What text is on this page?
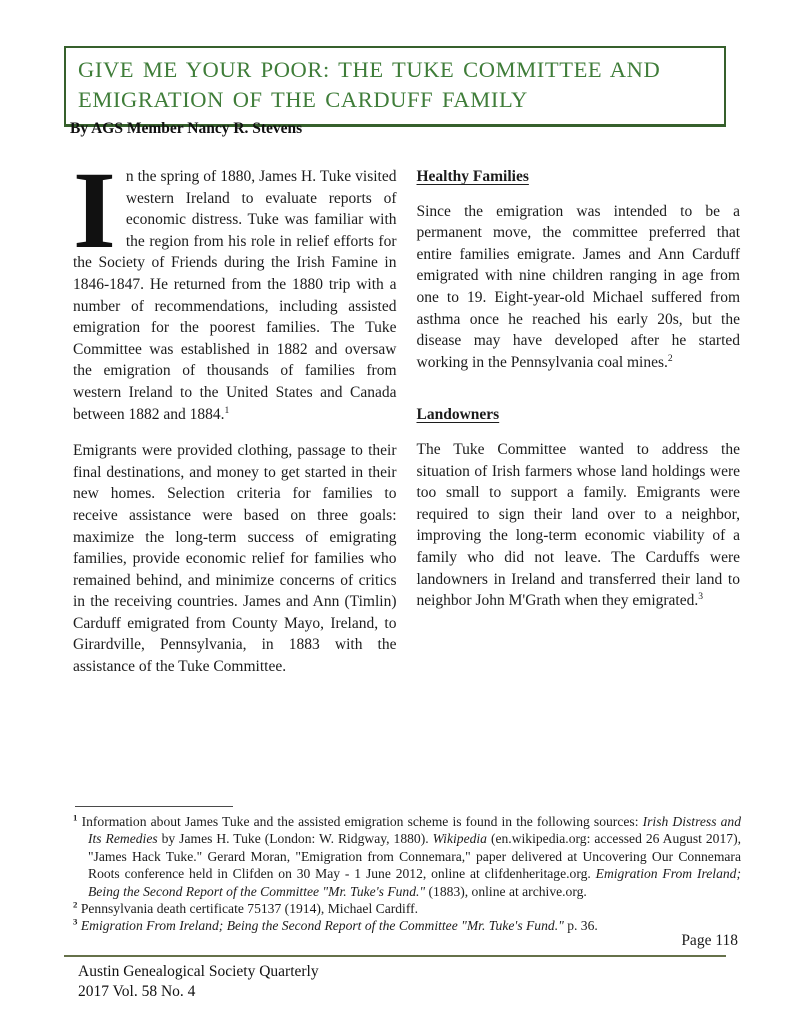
GIVE ME YOUR POOR: THE TUKE COMMITTEE AND
EMIGRATION OF THE CARDUFF FAMILY
By AGS Member Nancy R. Stevens

In the spring of 1880, James H. Tuke visited western Ireland to evaluate reports of economic distress. Tuke was familiar with the region from his role in relief efforts for the Society of Friends during the Irish Famine in 1846-1847. He returned from the 1880 trip with a number of recommendations, including assisted emigration for the poorest families. The Tuke Committee was established in 1882 and oversaw the emigration of thousands of families from western Ireland to the United States and Canada between 1882 and 1884.$^1$

Emigrants were provided clothing, passage to their final destinations, and money to get started in their new homes. Selection criteria for families to receive assistance were based on three goals: maximize the long-term success of emigrating families, provide economic relief for families who remained behind, and minimize concerns of critics in the receiving countries. James and Ann (Timlin) Carduff emigrated from County Mayo, Ireland, to Girardville, Pennsylvania, in 1883 with the assistance of the Tuke Committee.

Healthy Families

Since the emigration was intended to be a permanent move, the committee preferred that entire families emigrate. James and Ann Carduff emigrated with nine children ranging in age from one to 19. Eight-year-old Michael suffered from asthma once he reached his early 20s, but the disease may have developed after he started working in the Pennsylvania coal mines.$^2$

Landowners

The Tuke Committee wanted to address the situation of Irish farmers whose land holdings were too small to support a family. Emigrants were required to sign their land over to a neighbor, improving the long-term economic viability of a family who did not leave. The Carduffs were landowners in Ireland and transferred their land to neighbor John M'Grath when they emigrated.$^3$

$^1$ Information about James Tuke and the assisted emigration scheme is found in the following sources: Irish Distress and Its Remedies by James H. Tuke (London: W. Ridgway, 1880). Wikipedia (en.wikipedia.org: accessed 26 August 2017), "James Hack Tuke." Gerard Moran, "Emigration from Connemara," paper delivered at Uncovering Our Connemara Roots conference held in Clifden on 30 May - 1 June 2012, online at clifdenheritage.org. Emigration From Ireland; Being the Second Report of the Committee "Mr. Tuke's Fund." (1883), online at archive.org.

$^2$ Pennsylvania death certificate 75137 (1914), Michael Cardiff.

$^3$ Emigration From Ireland; Being the Second Report of the Committee "Mr. Tuke's Fund." p. 36.

Page 118
Austin Genealogical Society Quarterly
2017 Vol. 58 No. 4
